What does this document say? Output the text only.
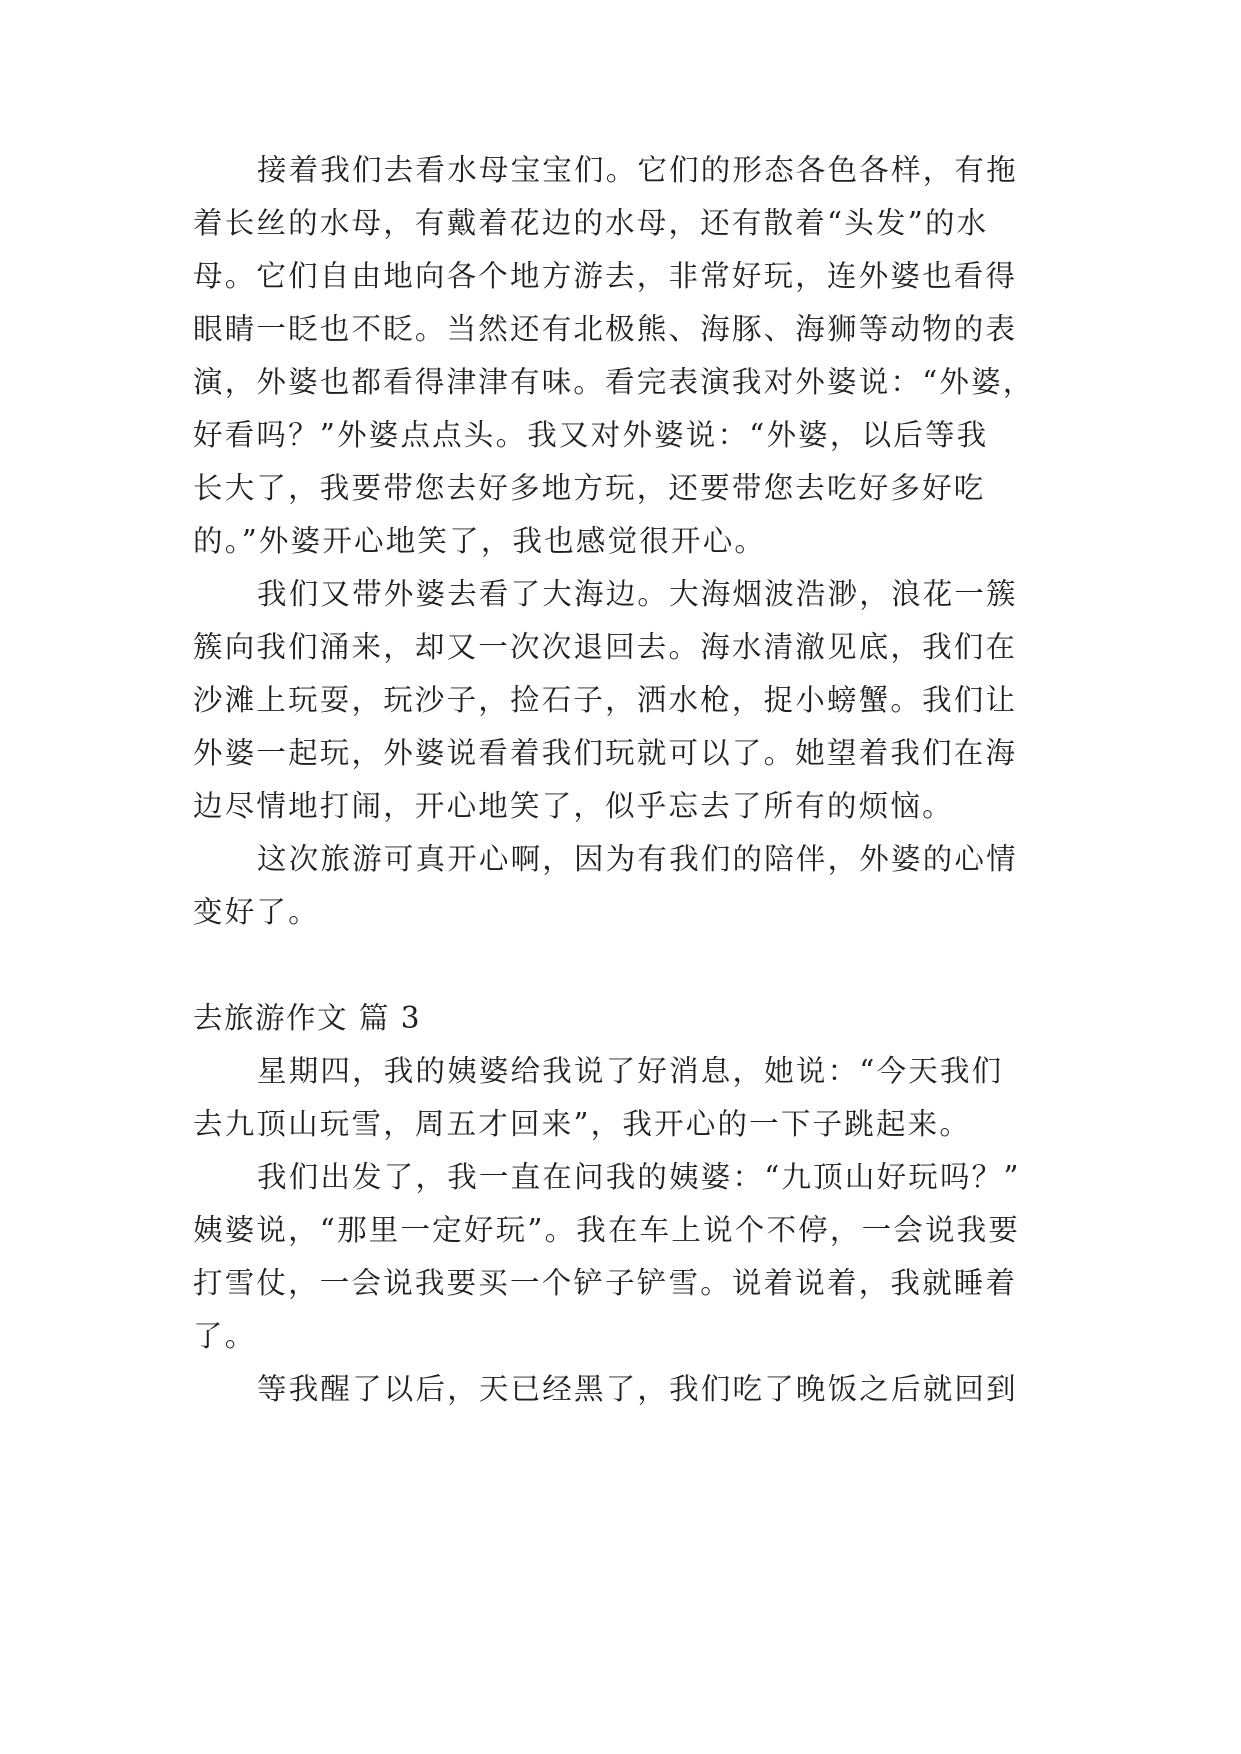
接着我们去看水母宝宝们。它们的形态各色各样，有拖
着长丝的水母，有戴着花边的水母，还有散着“头发”的水
母。它们自由地向各个地方游去，非常好玩，连外婆也看得
眼睛一眨也不眨。当然还有北极熊、海豚、海狮等动物的表
演，外婆也都看得津津有味。看完表演我对外婆说：“外婆，
好看吗？”外婆点点头。我又对外婆说：“外婆，以后等我
长大了，我要带您去好多地方玩，还要带您去吃好多好吃
的。”外婆开心地笑了，我也感觉很开心。
我们又带外婆去看了大海边。大海烟波浩渺，浪花一簇
簇向我们涌来，却又一次次退回去。海水清澈见底，我们在
沙滩上玩耍，玩沙子，捡石子，洒水枪，捉小螃蟹。我们让
外婆一起玩，外婆说看着我们玩就可以了。她望着我们在海
边尽情地打闹，开心地笑了，似乎忘去了所有的烦恼。
这次旅游可真开心啊，因为有我们的陪伴，外婆的心情
变好了。
去旅游作文 篇 3
星期四，我的姨婆给我说了好消息，她说：“今天我们
去九顶山玩雪，周五才回来”，我开心的一下子跳起来。
我们出发了，我一直在问我的姨婆：“九顶山好玩吗？”
姨婆说，“那里一定好玩”。我在车上说个不停，一会说我要
打雪仗，一会说我要买一个铲子铲雪。说着说着，我就睡着
了。
等我醒了以后，天已经黑了，我们吃了晚饭之后就回到
